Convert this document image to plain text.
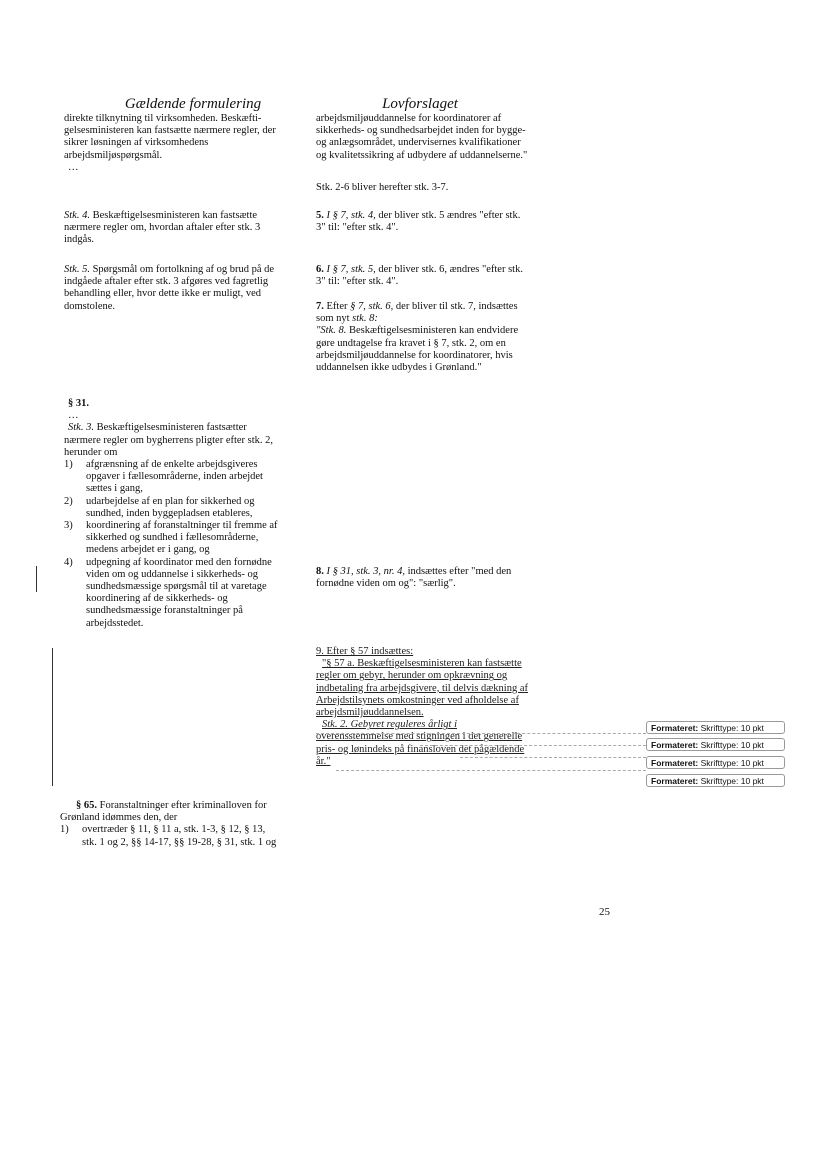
Gældende formulering	Lovforslaget

direkte tilknytning til virksomheden. Beskæfti-

gelsesministeren kan fastsætte nærmere regler, der

sikrer løsningen af virksomhedens

arbejdsmiljøspørgsmål.

…

Stk. 4. Beskæftigelsesministeren kan fastsætte

nærmere regler om, hvordan aftaler efter stk. 3

indgås.

Stk. 5. Spørgsmål om fortolkning af og brud på de

indgåede aftaler efter stk. 3 afgøres ved fagretlig

behandling eller, hvor dette ikke er muligt, ved

domstolene.

§ 31.

…

Stk. 3. Beskæftigelsesministeren fastsætter

nærmere regler om bygherrens pligter efter stk. 2,

herunder om

1)	afgrænsning af de enkelte arbejdsgiveres

opgaver i fællesområderne, inden arbejdet

sættes i gang,

2)	udarbejdelse af en plan for sikkerhed og

sundhed, inden byggepladsen etableres,

3)	koordinering af foranstaltninger til fremme af

sikkerhed og sundhed i fællesområderne,

medens arbejdet er i gang, og

4)	udpegning af koordinator med den fornødne

viden om og uddannelse i sikkerheds- og

sundhedsmæssige spørgsmål til at varetage

koordinering af de sikkerheds- og

sundhedsmæssige foranstaltninger på

arbejdsstedet.

§ 65. Foranstaltninger efter kriminalloven for

Grønland idømmes den, der

1)	overtræder § 11, § 11 a, stk. 1-3, § 12, § 13,

stk. 1 og 2, §§ 14-17, §§ 19-28, § 31, stk. 1 og

arbejdsmiljøuddannelse for koordinatorer af

sikkerheds- og sundhedsarbejdet inden for bygge-

og anlægsområdet, undervisernes kvalifikationer

og kvalitetssikring af udbydere af uddannelserne."

Stk. 2-6 bliver herefter stk. 3-7.

5. I § 7, stk. 4, der bliver stk. 5 ændres "efter stk.

3" til: "efter stk. 4".

6. I § 7, stk. 5, der bliver stk. 6, ændres "efter stk.

3" til: "efter stk. 4".

7. Efter § 7, stk. 6, der bliver til stk. 7, indsættes

som nyt stk. 8:

"Stk. 8. Beskæftigelsesministeren kan endvidere

gøre undtagelse fra kravet i § 7, stk. 2, om en

arbejdsmiljøuddannelse for koordinatorer, hvis

uddannelsen ikke udbydes i Grønland."

8. I § 31, stk. 3, nr. 4, indsættes efter "med den

fornødne viden om og": "særlig".

9. Efter § 57 indsættes:

"§ 57 a. Beskæftigelsesministeren kan fastsætte

regler om gebyr, herunder om opkrævning og

indbetaling fra arbejdsgivere, til delvis dækning af

Arbejdstilsynets omkostninger ved afholdelse af

arbejdsmiljøuddannelsen.

Stk. 2. Gebyret reguleres årligt i

overensstemmelse med stigningen i det generelle

pris- og lønindeks på finansloven det pågældende

år."

Formateret: Skrifttype: 10 pkt
Formateret: Skrifttype: 10 pkt
Formateret: Skrifttype: 10 pkt
Formateret: Skrifttype: 10 pkt
25
